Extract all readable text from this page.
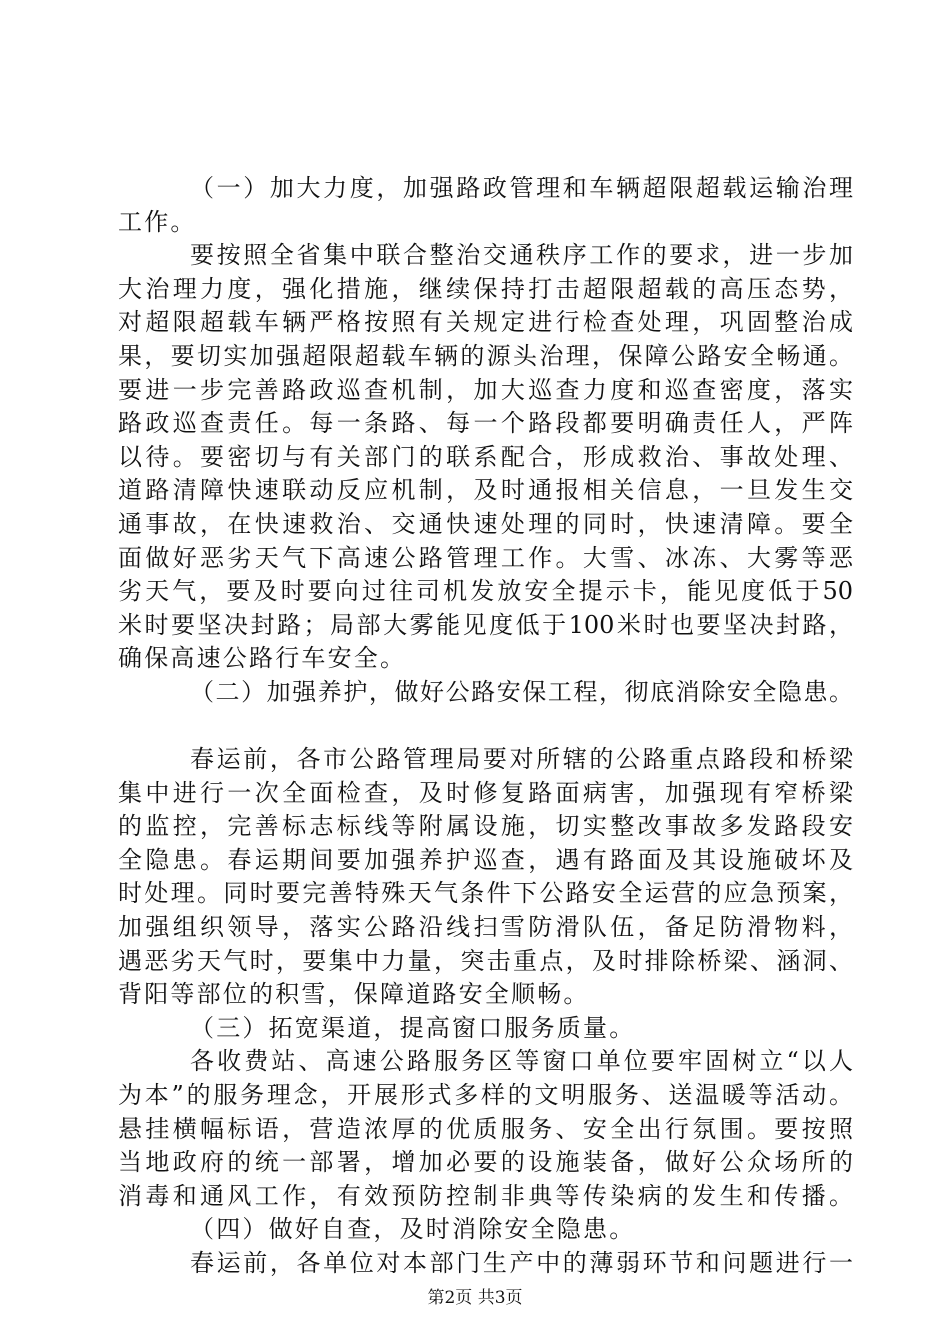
（一）加大力度，加强路政管理和车辆超限超载运输治理
工作。
要按照全省集中联合整治交通秩序工作的要求，进一步加
大治理力度，强化措施，继续保持打击超限超载的高压态势，
对超限超载车辆严格按照有关规定进行检查处理，巩固整治成
果，要切实加强超限超载车辆的源头治理，保障公路安全畅通。
要进一步完善路政巡查机制，加大巡查力度和巡查密度，落实
路政巡查责任。每一条路、每一个路段都要明确责任人，严阵
以待。要密切与有关部门的联系配合，形成救治、事故处理、
道路清障快速联动反应机制，及时通报相关信息，一旦发生交
通事故，在快速救治、交通快速处理的同时，快速清障。要全
面做好恶劣天气下高速公路管理工作。大雪、冰冻、大雾等恶
劣天气，要及时要向过往司机发放安全提示卡，能见度低于50
米时要坚决封路；局部大雾能见度低于100米时也要坚决封路，
确保高速公路行车安全。
（二）加强养护，做好公路安保工程，彻底消除安全隐患。
春运前，各市公路管理局要对所辖的公路重点路段和桥梁
集中进行一次全面检查，及时修复路面病害，加强现有窄桥梁
的监控，完善标志标线等附属设施，切实整改事故多发路段安
全隐患。春运期间要加强养护巡查，遇有路面及其设施破坏及
时处理。同时要完善特殊天气条件下公路安全运营的应急预案，
加强组织领导，落实公路沿线扫雪防滑队伍，备足防滑物料，
遇恶劣天气时，要集中力量，突击重点，及时排除桥梁、涵洞、
背阳等部位的积雪，保障道路安全顺畅。
（三）拓宽渠道，提高窗口服务质量。
各收费站、高速公路服务区等窗口单位要牢固树立“以人
为本”的服务理念，开展形式多样的文明服务、送温暖等活动。
悬挂横幅标语，营造浓厚的优质服务、安全出行氛围。要按照
当地政府的统一部署，增加必要的设施装备，做好公众场所的
消毒和通风工作，有效预防控制非典等传染病的发生和传播。
（四）做好自查，及时消除安全隐患。
春运前，各单位对本部门生产中的薄弱环节和问题进行一
第2页 共3页
